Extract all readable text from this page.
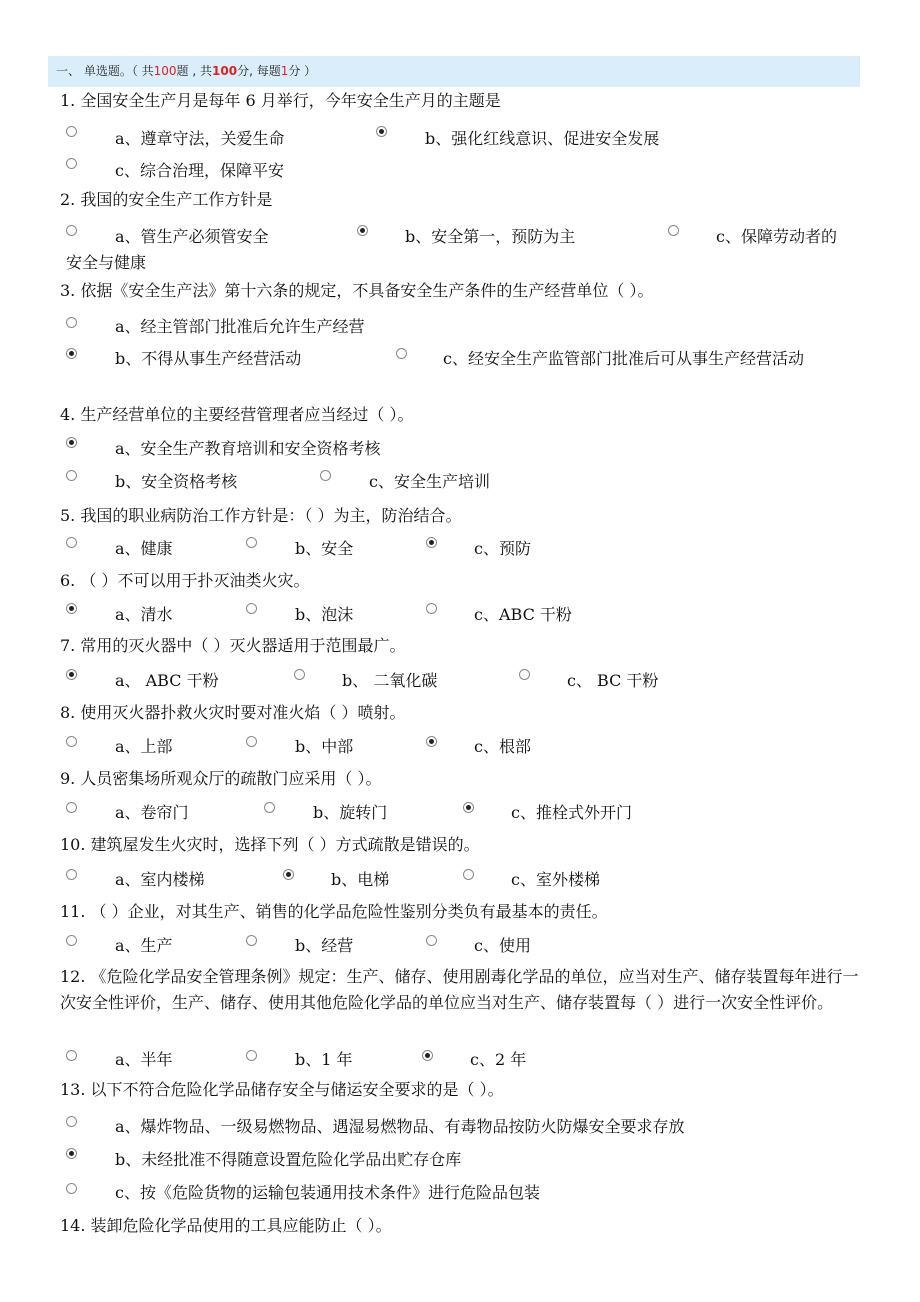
一、 单选题。（ 共100题 , 共100分, 每题1分 ）
1. 全国安全生产月是每年 6 月举行，今年安全生产月的主题是
a、遵章守法，关爱生命	b、强化红线意识、促进安全发展
c、综合治理，保障平安
2. 我国的安全生产工作方针是
a、管生产必须管安全	b、安全第一，预防为主	c、保障劳动者的
安全与健康
3. 依据《安全生产法》第十六条的规定，不具备安全生产条件的生产经营单位（ ）。
a、经主管部门批准后允许生产经营
b、不得从事生产经营活动	c、经安全生产监管部门批准后可从事生产经营活动
4. 生产经营单位的主要经营管理者应当经过（ ）。
a、安全生产教育培训和安全资格考核
b、安全资格考核	c、安全生产培训
5. 我国的职业病防治工作方针是：（ ）为主，防治结合。
a、健康	b、安全	c、预防
6. （ ）不可以用于扑灭油类火灾。
a、清水	b、泡沫	c、ABC 干粉
7. 常用的灭火器中（ ）灭火器适用于范围最广。
a、 ABC 干粉	b、 二氧化碳	c、 BC 干粉
8. 使用灭火器扑救火灾时要对准火焰（ ）喷射。
a、上部	b、中部	c、根部
9. 人员密集场所观众厅的疏散门应采用（ ）。
a、卷帘门	b、旋转门	c、推栓式外开门
10. 建筑屋发生火灾时，选择下列（ ）方式疏散是错误的。
a、室内楼梯	b、电梯	c、室外楼梯
11. （ ）企业，对其生产、销售的化学品危险性鉴别分类负有最基本的责任。
a、生产	b、经营	c、使用
12. 《危险化学品安全管理条例》规定：生产、储存、使用剧毒化学品的单位，应当对生产、储存装置每年进行一次安全性评价，生产、储存、使用其他危险化学品的单位应当对生产、储存装置每（ ）进行一次安全性评价。
a、半年	b、1 年	c、2 年
13. 以下不符合危险化学品储存安全与储运安全要求的是（ ）。
a、爆炸物品、一级易燃物品、遇湿易燃物品、有毒物品按防火防爆安全要求存放
b、未经批准不得随意设置危险化学品出贮存仓库
c、按《危险货物的运输包装通用技术条件》进行危险品包装
14. 装卸危险化学品使用的工具应能防止（ ）。
